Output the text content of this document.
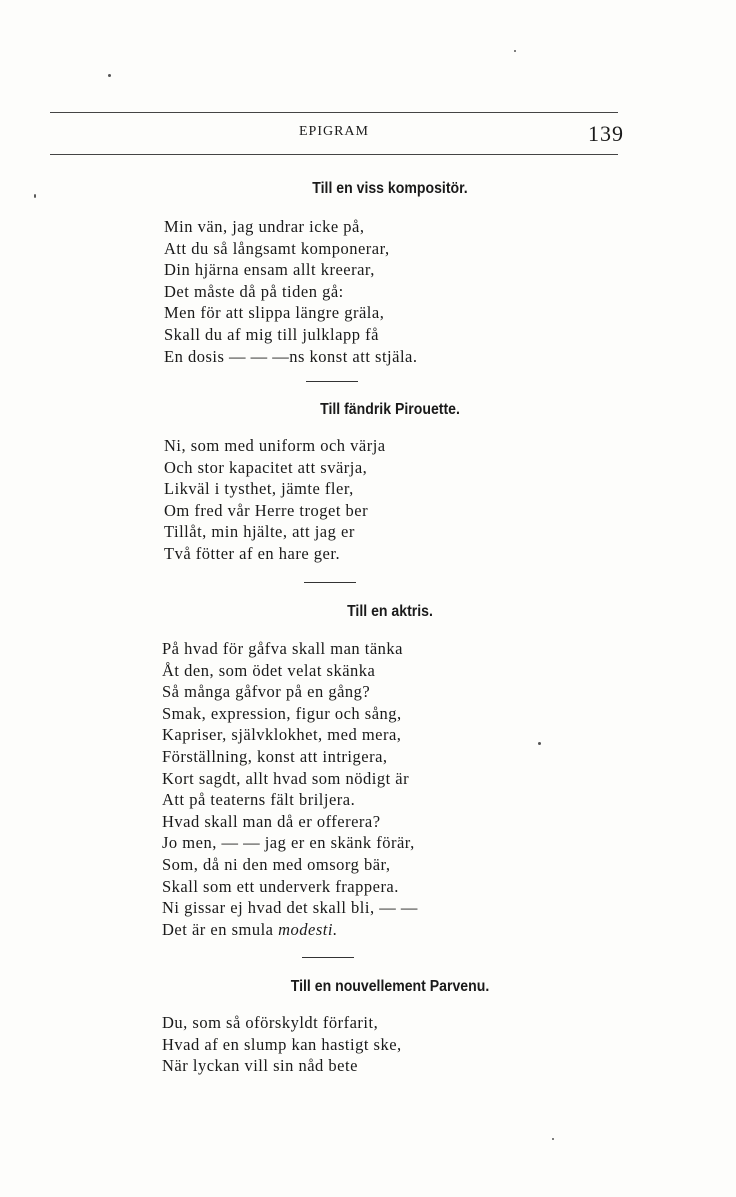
EPIGRAM	139
Till en viss kompositör.
Min vän, jag undrar icke på,
Att du så långsamt komponerar,
Din hjärna ensam allt kreerar,
Det måste då på tiden gå:
Men för att slippa längre gräla,
Skall du af mig till julklapp få
En dosis — — —ns konst att stjäla.
Till fändrik Pirouette.
Ni, som med uniform och värja
Och stor kapacitet att svärja,
Likväl i tysthet, jämte fler,
Om fred vår Herre troget ber
Tillåt, min hjälte, att jag er
Två fötter af en hare ger.
Till en aktris.
På hvad för gåfva skall man tänka
Åt den, som ödet velat skänka
Så många gåfvor på en gång?
Smak, expression, figur och sång,
Kapriser, självklokhet, med mera,
Förställning, konst att intrigera,
Kort sagdt, allt hvad som nödigt är
Att på teaterns fält briljera.
Hvad skall man då er offerera?
Jo men, — — jag er en skänk förär,
Som, då ni den med omsorg bär,
Skall som ett underverk frappera.
Ni gissar ej hvad det skall bli, — —
Det är en smula modesti.
Till en nouvellement Parvenu.
Du, som så oförskyldt förfarit,
Hvad af en slump kan hastigt ske,
När lyckan vill sin nåd bete
